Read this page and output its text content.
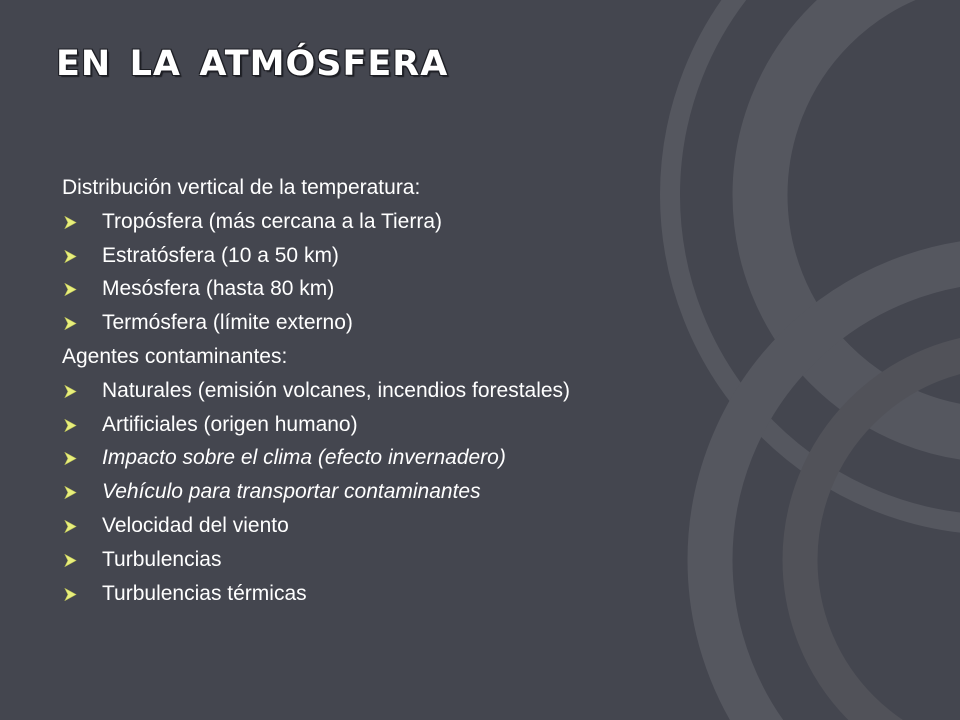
en la atmósfera
Distribución vertical de la temperatura:
Tropósfera (más cercana a la Tierra)
Estratósfera (10 a 50 km)
Mesósfera (hasta 80 km)
Termósfera (límite externo)
Agentes contaminantes:
Naturales (emisión volcanes, incendios forestales)
Artificiales (origen humano)
Impacto sobre el clima (efecto invernadero)
Vehículo para transportar contaminantes
Velocidad del viento
Turbulencias
Turbulencias térmicas
